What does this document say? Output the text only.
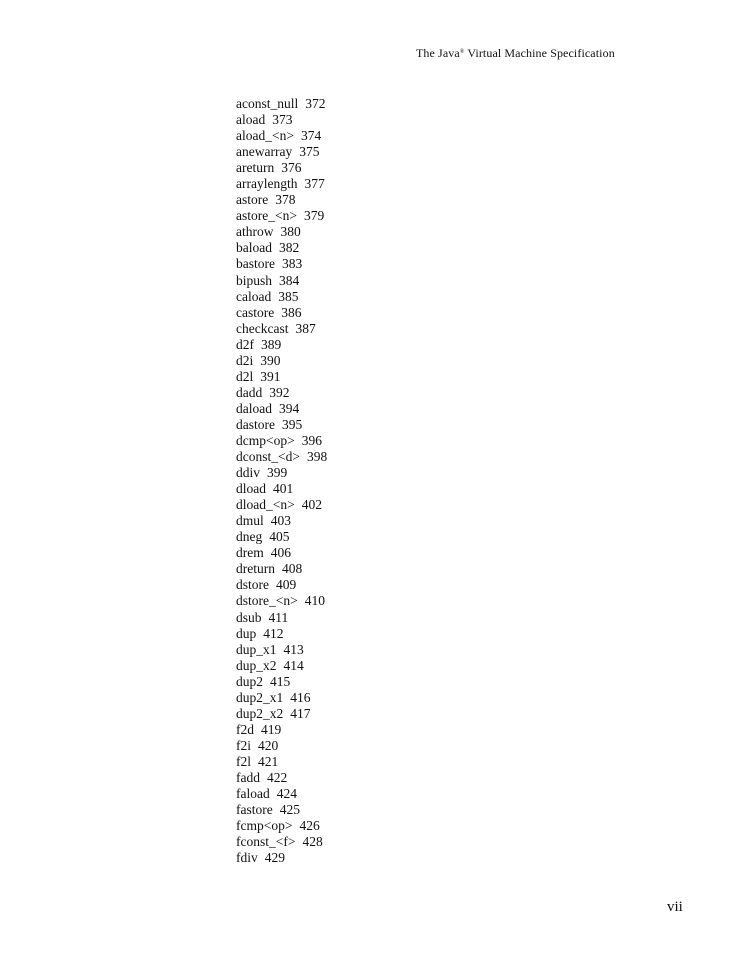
The Java® Virtual Machine Specification
aconst_null 372
aload 373
aload_<n> 374
anewarray 375
areturn 376
arraylength 377
astore 378
astore_<n> 379
athrow 380
baload 382
bastore 383
bipush 384
caload 385
castore 386
checkcast 387
d2f 389
d2i 390
d2l 391
dadd 392
daload 394
dastore 395
dcmp<op> 396
dconst_<d> 398
ddiv 399
dload 401
dload_<n> 402
dmul 403
dneg 405
drem 406
dreturn 408
dstore 409
dstore_<n> 410
dsub 411
dup 412
dup_x1 413
dup_x2 414
dup2 415
dup2_x1 416
dup2_x2 417
f2d 419
f2i 420
f2l 421
fadd 422
faload 424
fastore 425
fcmp<op> 426
fconst_<f> 428
fdiv 429
vii
